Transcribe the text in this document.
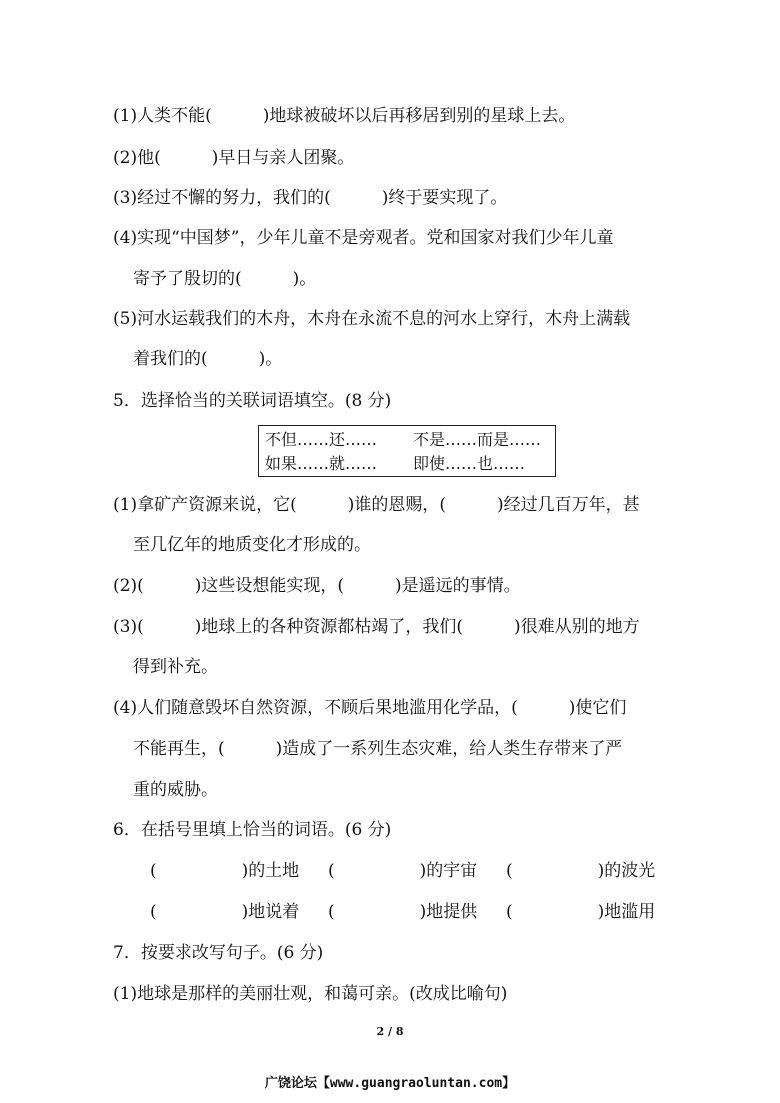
(1)人类不能(　　　)地球被破坏以后再移居到别的星球上去。
(2)他(　　　)早日与亲人团聚。
(3)经过不懈的努力，我们的(　　　)终于要实现了。
(4)实现“中国梦”，少年儿童不是旁观者。党和国家对我们少年儿童
寄予了殷切的(　　　)。
(5)河水运载我们的木舟，木舟在永流不息的河水上穿行，木舟上满载
着我们的(　　　)。
5．选择恰当的关联词语填空。(8 分)
不但……还……	不是……而是……
如果……就……	即使……也……
(1)拿矿产资源来说，它(　　　)谁的恩赐，(　　　)经过几百万年，甚
至几亿年的地质变化才形成的。
(2)(　　　)这些设想能实现，(　　　)是遥远的事情。
(3)(　　　)地球上的各种资源都枯竭了，我们(　　　)很难从别的地方
得到补充。
(4)人们随意毁坏自然资源，不顾后果地滥用化学品，(　　　)使它们
不能再生，(　　　)造成了一系列生态灾难，给人类生存带来了严
重的威胁。
6．在括号里填上恰当的词语。(6 分)
(　　　　　)的土地 (　　　　　)的宇宙 (　　　　　)的波光
(　　　　　)地说着 (　　　　　)地提供 (　　　　　)地滥用
7．按要求改写句子。(6 分)
(1)地球是那样的美丽壮观，和蔼可亲。(改成比喻句)
2 / 8
广饶论坛【www.guangraoluntan.com】
